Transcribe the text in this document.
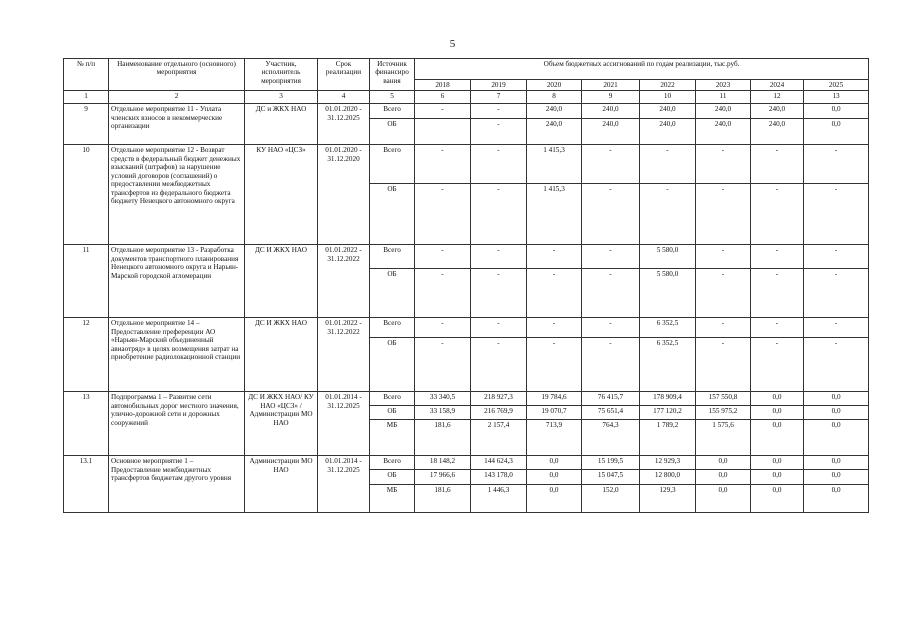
5
№ п/п	Наименование отдельного (основного) мероприятия	Участник, исполнитель мероприятия	Срок реализации	Источник финансиро вания	Объем бюджетных ассигнований по годам реализации, тыс.руб.							
					2018	2019	2020	2021	2022	2023	2024	2025
1	2	3	4	5	6	7	8	9	10	11	12	13
9	Отдельное мероприятие 11 - Уплата членских взносов в некоммерческие организации	ДС и ЖКХ НАО	01.01.2020 - 31.12.2025	Всего	-	-	240,0	240,0	240,0	240,0	240,0	0,0
				ОБ		-	240,0	240,0	240,0	240,0	240,0	0,0
10	Отдельное мероприятие 12 - Возврат средств в федеральный бюджет денежных взысканий (штрафов) за нарушение условий договоров (соглашений) о предоставлении межбюджетных трансфертов из федерального бюджета бюджету Ненецкого автономного округа	КУ НАО «ЦСЗ»	01.01.2020 - 31.12.2020	Всего	-	-	1 415,3	-	-	-	-	-
				ОБ	-	-	1 415,3	-	-	-	-	-
11	Отдельное мероприятие 13 - Разработка документов транспортного планирования Ненецкого автономного округа и Нарьян-Марской городской агломерации	ДС И ЖКХ НАО	01.01.2022 - 31.12.2022	Всего	-	-	-	-	5 580,0	-	-	-
				ОБ	-	-	-	-	5 580,0	-	-	-
12	Отдельное мероприятие 14 – Предоставление преференции АО «Нарьян-Марский объединенный авиаотряд» в целях возмещения затрат на приобретение радиолокационной станции	ДС И ЖКХ НАО	01.01.2022 - 31.12.2022	Всего	-	-	-	-	6 352,5	-	-	-
				ОБ	-	-	-	-	6 352,5	-	-	-
13	Подпрограмма 1 – Развитие сети автомобильных дорог местного значения, улично-дорожной сети и дорожных сооружений	ДС И ЖКХ НАО/ КУ НАО «ЦСЗ» / Администрации МО НАО	01.01.2014 - 31.12.2025	Всего	33 340,5	218 927,3	19 784,6	76 415,7	178 909,4	157 550,8	0,0	0,0
				ОБ	33 158,9	216 769,9	19 070,7	75 651,4	177 120,2	155 975,2	0,0	0,0
				МБ	181,6	2 157,4	713,9	764,3	1 789,2	1 575,6	0,0	0,0
13.1	Основное мероприятие 1 – Предоставление межбюджетных трансфертов бюджетам другого уровня	Администрации МО НАО	01.01.2014 - 31.12.2025	Всего	18 148,2	144 624,3	0,0	15 199,5	12 929,3	0,0	0,0	0,0
				ОБ	17 966,6	143 178,0	0,0	15 047,5	12 800,0	0,0	0,0	0,0
				МБ	181,6	1 446,3	0,0	152,0	129,3	0,0	0,0	0,0
